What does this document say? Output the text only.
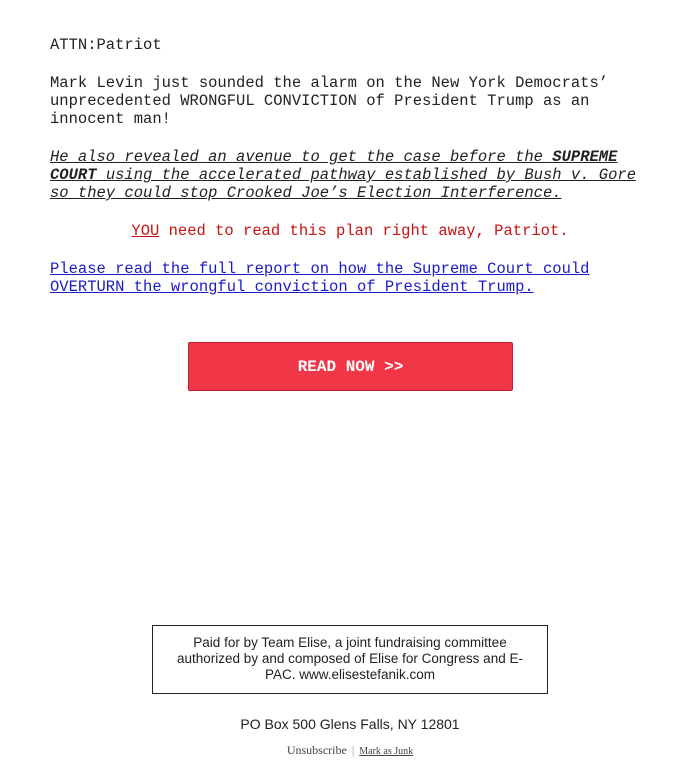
ATTN:Patriot
Mark Levin just sounded the alarm on the New York Democrats’ unprecedented WRONGFUL CONVICTION of President Trump as an innocent man!
He also revealed an avenue to get the case before the SUPREME COURT using the accelerated pathway established by Bush v. Gore so they could stop Crooked Joe’s Election Interference.
YOU need to read this plan right away, Patriot.
Please read the full report on how the Supreme Court could OVERTURN the wrongful conviction of President Trump.
READ NOW >>
Paid for by Team Elise, a joint fundraising committee authorized by and composed of Elise for Congress and E-PAC. www.elisestefanik.com
PO Box 500 Glens Falls, NY 12801
Unsubscribe | Mark as Junk
